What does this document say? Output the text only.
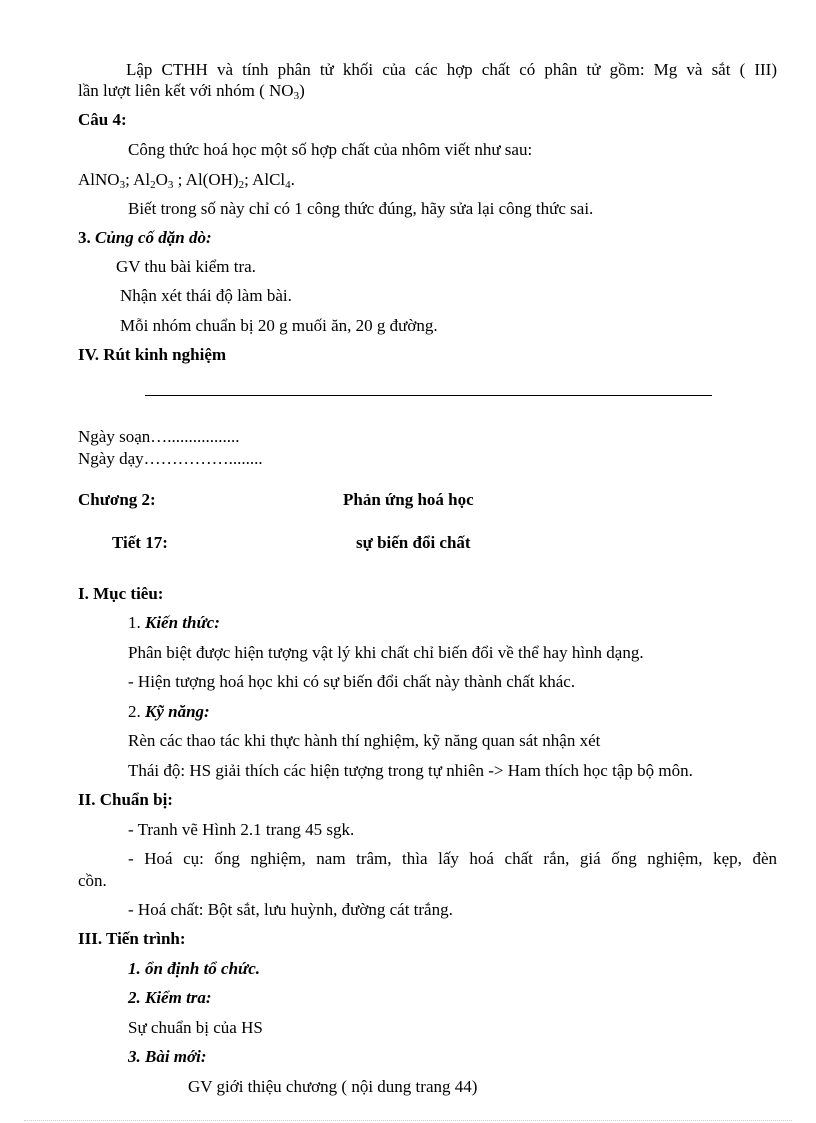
Lập CTHH và tính phân tử khối của các hợp chất có phân tử gồm: Mg và sắt ( III)
lần lượt liên kết với nhóm ( $NO_3$)
Câu 4:
Công thức hoá học một số hợp chất của nhôm viết như sau:
AlNO$_3$; $Al_2O_3$ ; $Al(OH)_2$; AlCl$_4$.
Biết trong số này chỉ có 1 công thức đúng, hãy sửa lại công thức sai.
3. Củng cố dặn dò:
GV thu bài kiểm tra.
Nhận xét thái độ làm bài.
Mỗi nhóm chuẩn bị 20 g muối ăn, 20 g đường.
IV. Rút kinh nghiệm
Ngày soạn….................
Ngày dạy……………........
Chương 2:	Phản ứng hoá học
Tiết 17:	sự biến đổi chất
I. Mục tiêu:
1. Kiến thức:
Phân biệt được hiện tượng vật lý khi chất chỉ biến đổi về thể hay hình dạng.
- Hiện tượng hoá học khi có sự biến đổi chất này thành chất khác.
2. Kỹ năng:
Rèn các thao tác khi thực hành thí nghiệm, kỹ năng quan sát nhận xét
Thái độ: HS giải thích các hiện tượng trong tự nhiên -> Ham thích học tập bộ môn.
II. Chuẩn bị:
- Tranh vẽ Hình 2.1 trang 45 sgk.
- Hoá cụ: ống nghiệm, nam trâm, thìa lấy hoá chất rắn, giá ống nghiệm, kẹp, đèn
cồn.
- Hoá chất: Bột sắt, lưu huỳnh, đường cát trắng.
III. Tiến trình:
1. ổn định tổ chức.
2. Kiểm tra:
Sự chuẩn bị của HS
3. Bài mới:
GV giới thiệu chương ( nội dung trang 44)
